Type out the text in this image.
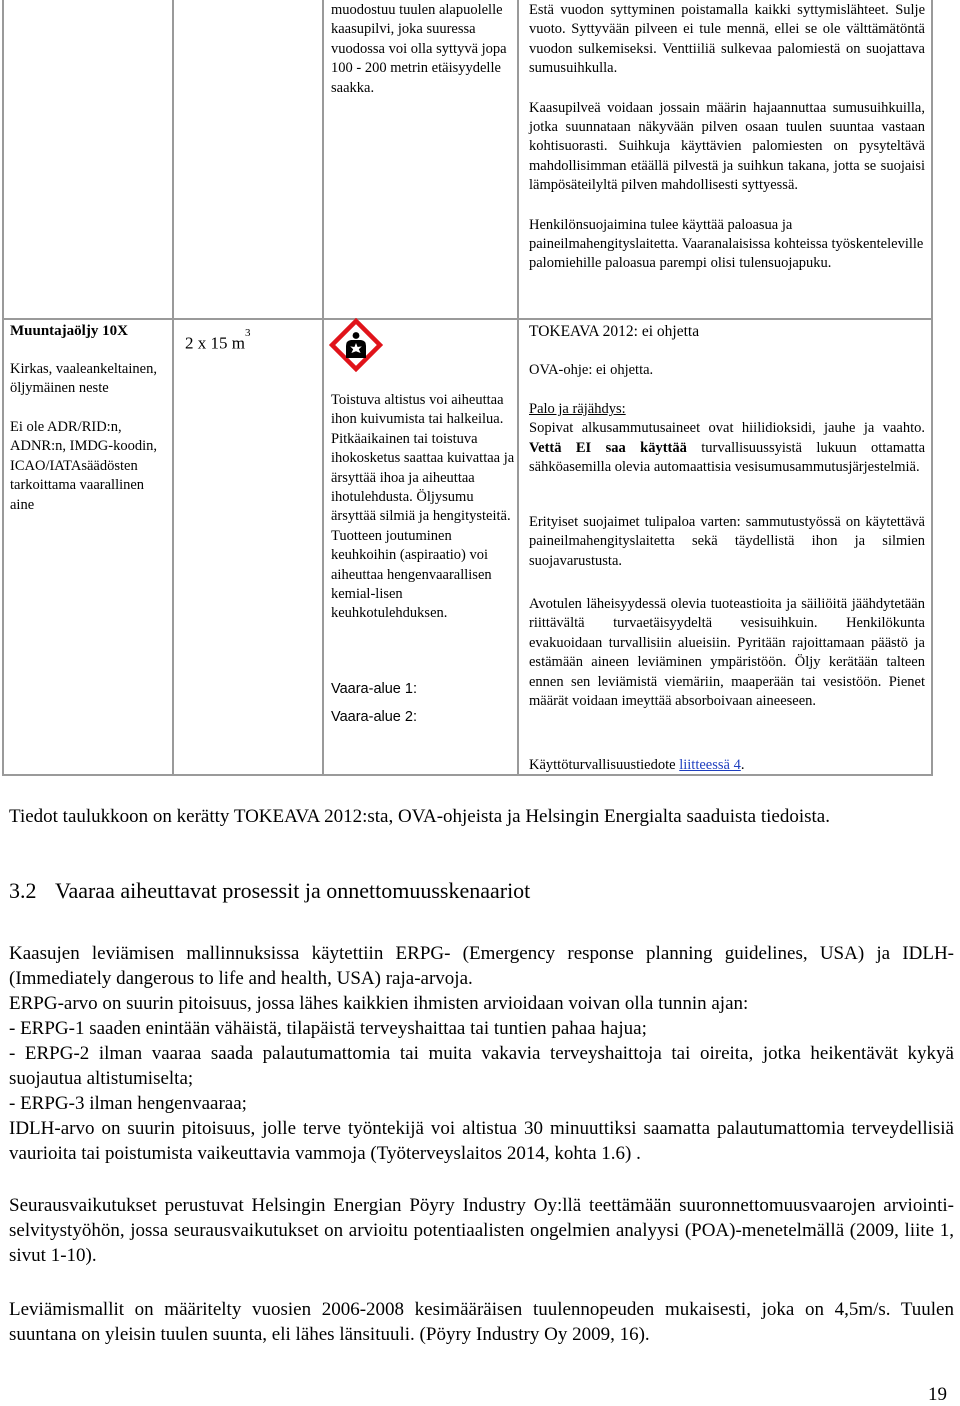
muodostuu tuulen alapuolelle kaasupilvi, joka suuressa vuodossa voi olla syttyvä jopa 100 - 200 metrin etäisyydelle saakka.

Estä vuodon syttyminen poistamalla kaikki syttymislähteet. Sulje vuoto. Syttyvään pilveen ei tule mennä, ellei se ole välttämätöntä vuodon sulkemiseksi. Venttiiliä sulkevaa palomiestä on suojattava sumusuihkulla.

Kaasupilveä voidaan jossain määrin hajaannuttaa sumusuihkuilla, jotka suunnataan näkyvään pilven osaan tuulen suuntaa vastaan kohtisuorasti. Suihkuja käyttävien palomiesten on pysyteltävä mahdollisimman etäällä pilvestä ja suihkun takana, jotta se suojaisi lämpösäteilyltä pilven mahdollisesti syttyessä.

Henkilönsuojaimina tulee käyttää paloasua ja paineilmahengityslaitetta. Vaaranalaisissa kohteissa työskenteleville palomiehille paloasua parempi olisi tulensuojapuku.

Muuntajaöljy 10X
Kirkas, vaaleankeltainen, öljymäinen neste
Ei ole ADR/RID:n, ADNR:n, IMDG-koodin, ICAO/IATAsäädösten tarkoittama vaarallinen aine
2 x 15 $m^3$
Toistuva altistus voi aiheuttaa ihon kuivumista tai halkeilua. Pitkäaikainen tai toistuva ihokosketus saattaa kuivattaa ja ärsyttää ihoa ja aiheuttaa ihotulehdusta. Öljysumu ärsyttää silmiä ja hengitysteitä. Tuotteen joutuminen keuhkoihin (aspiraatio) voi aiheuttaa hengenvaarallisen kemial-lisen keuhkotulehduksen.
Vaara-alue 1:
Vaara-alue 2:
TOKEAVA 2012: ei ohjetta
OVA-ohje: ei ohjetta.
Palo ja räjähdys:
Sopivat alkusammutusaineet ovat hiilidioksidi, jauhe ja vaahto. Vettä EI saa käyttää turvallisuussyistä lukuun ottamatta sähköasemilla olevia automaattisia vesisumusammutusjärjestelmiä.
Erityiset suojaimet tulipaloa varten: sammutustyössä on käytettävä paineilmahengityslaitetta sekä täydellistä ihon ja silmien suojavarustusta.
Avotulen läheisyydessä olevia tuoteastioita ja säiliöitä jäähdytetään riittävältä turvaetäisyydeltä vesisuihkuin. Henkilökunta evakuoidaan turvallisiin alueisiin. Pyritään rajoittamaan päästö ja estämään aineen leviäminen ympäristöön. Öljy kerätään talteen ennen sen leviämistä viemäriin, maaperään tai vesistöön. Pienet määrät voidaan imeyttää absorboivaan aineeseen.
Käyttöturvallisuustiedote liitteessä 4.

Tiedot taulukkoon on kerätty TOKEAVA 2012:sta, OVA-ohjeista ja Helsingin Energialta saaduista tiedoista.

3.2 Vaaraa aiheuttavat prosessit ja onnettomuusskenaariot

Kaasujen leviämisen mallinnuksissa käytettiin ERPG- (Emergency response planning guidelines, USA) ja IDLH- (Immediately dangerous to life and health, USA) raja-arvoja.

ERPG-arvo on suurin pitoisuus, jossa lähes kaikkien ihmisten arvioidaan voivan olla tunnin ajan:

- ERPG-1 saaden enintään vähäistä, tilapäistä terveyshaittaa tai tuntien pahaa hajua;

- ERPG-2 ilman vaaraa saada palautumattomia tai muita vakavia terveyshaittoja tai oireita, jotka heikentävät kykyä suojautua altistumiselta;

- ERPG-3 ilman hengenvaaraa;

IDLH-arvo on suurin pitoisuus, jolle terve työntekijä voi altistua 30 minuuttiksi saamatta palautumattomia terveydellisiä vaurioita tai poistumista vaikeuttavia vammoja (Työterveyslaitos 2014, kohta 1.6) .

Seurausvaikutukset perustuvat Helsingin Energian Pöyry Industry Oy:llä teettämään suuronnettomuusvaarojen arviointi-selvitystyöhön, jossa seurausvaikutukset on arvioitu potentiaalisten ongelmien analyysi (POA)-menetelmällä (2009, liite 1, sivut 1-10).

Leviämismallit on määritelty vuosien 2006-2008 kesimääräisen tuulennopeuden mukaisesti, joka on 4,5m/s. Tuulen suuntana on yleisin tuulen suunta, eli lähes länsituuli. (Pöyry Industry Oy 2009, 16).

19
